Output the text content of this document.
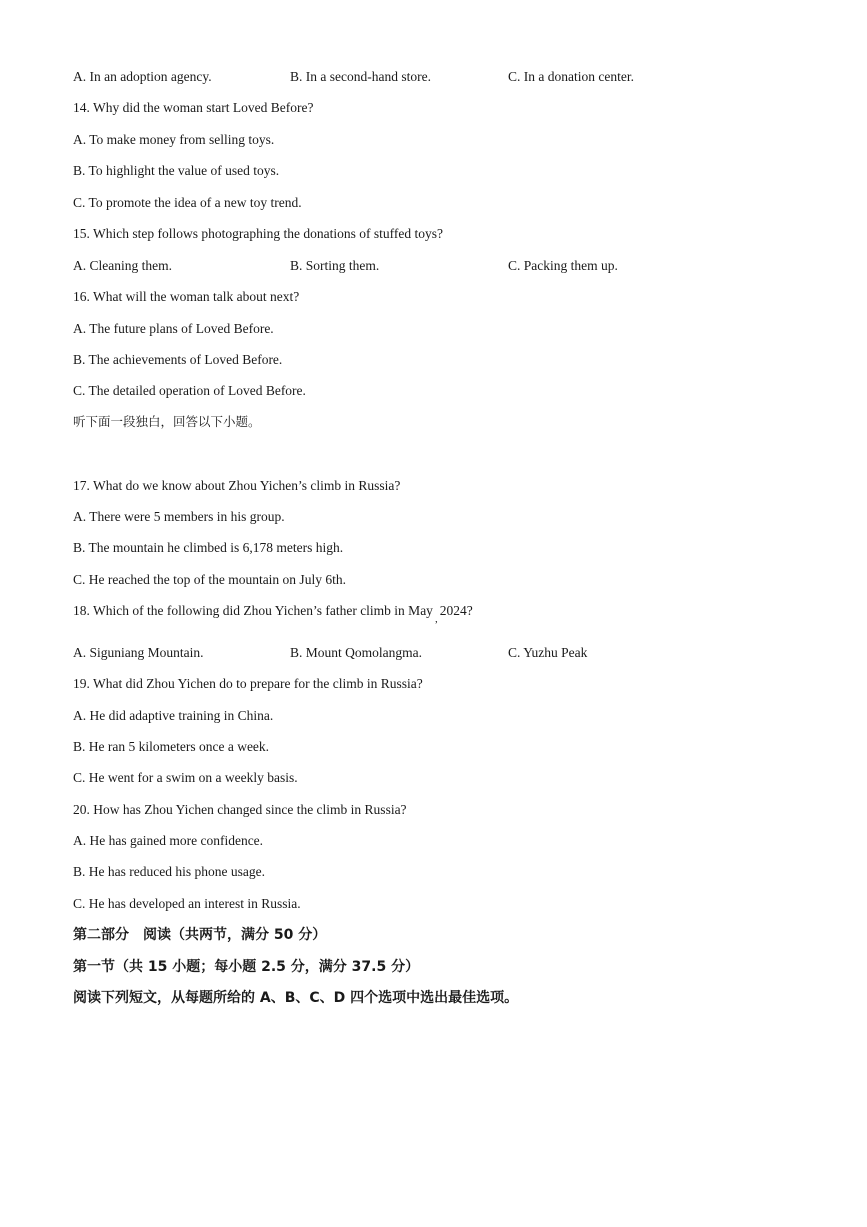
A. In an adoption agency.	B. In a second-hand store.	C. In a donation center.
14. Why did the woman start Loved Before?
A. To make money from selling toys.
B. To highlight the value of used toys.
C. To promote the idea of a new toy trend.
15. Which step follows photographing the donations of stuffed toys?
A. Cleaning them.	B. Sorting them.	C. Packing them up.
16. What will the woman talk about next?
A. The future plans of Loved Before.
B. The achievements of Loved Before.
C. The detailed operation of Loved Before.
听下面一段独白，回答以下小题。
17. What do we know about Zhou Yichen’s climb in Russia?
A. There were 5 members in his group.
B. The mountain he climbed is 6,178 meters high.
C. He reached the top of the mountain on July 6th.
18. Which of the following did Zhou Yichen’s father climb in May$_,$2024?
A. Siguniang Mountain.	B. Mount Qomolangma.	C. Yuzhu Peak
19. What did Zhou Yichen do to prepare for the climb in Russia?
A. He did adaptive training in China.
B. He ran 5 kilometers once a week.
C. He went for a swim on a weekly basis.
20. How has Zhou Yichen changed since the climb in Russia?
A. He has gained more confidence.
B. He has reduced his phone usage.
C. He has developed an interest in Russia.
第二部分　阅读（共两节，满分 50 分）
第一节（共 15 小题；每小题 2.5 分，满分 37.5 分）
阅读下列短文，从每题所给的 A、B、C、D 四个选项中选出最佳选项。
